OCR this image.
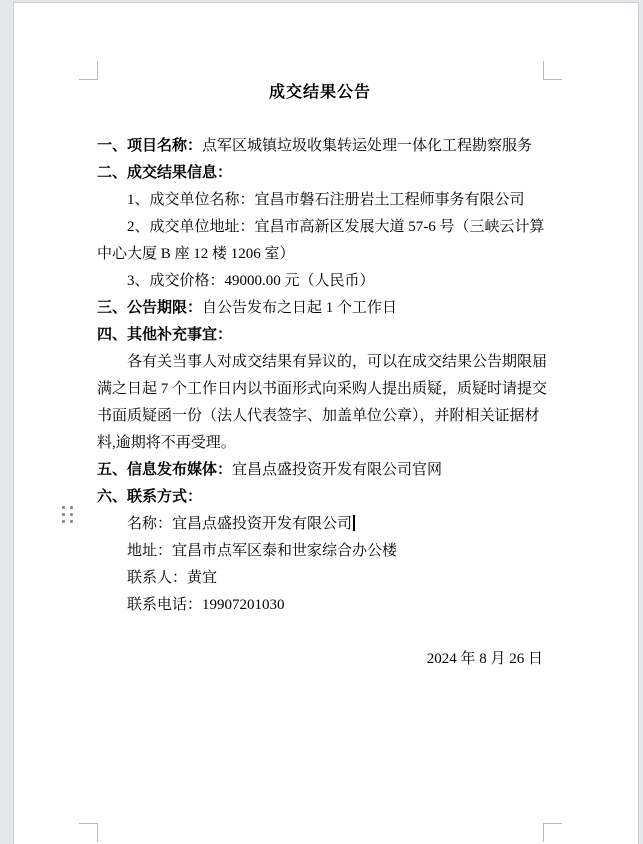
成交结果公告
一、项目名称：点军区城镇垃圾收集转运处理一体化工程勘察服务
二、成交结果信息：
1、成交单位名称：宜昌市磐石注册岩土工程师事务有限公司
2、成交单位地址：宜昌市高新区发展大道 57-6 号（三峡云计算
中心大厦 B 座 12 楼 1206 室）
3、成交价格：49000.00 元（人民币）
三、公告期限：自公告发布之日起 1 个工作日
四、其他补充事宜：
各有关当事人对成交结果有异议的，可以在成交结果公告期限届
满之日起 7 个工作日内以书面形式向采购人提出质疑，质疑时请提交
书面质疑函一份（法人代表签字、加盖单位公章），并附相关证据材
料,逾期将不再受理。
五、信息发布媒体：宜昌点盛投资开发有限公司官网
六、联系方式：
名称：宜昌点盛投资开发有限公司
地址：宜昌市点军区泰和世家综合办公楼
联系人：黄宜
联系电话：19907201030
2024 年 8 月 26 日
